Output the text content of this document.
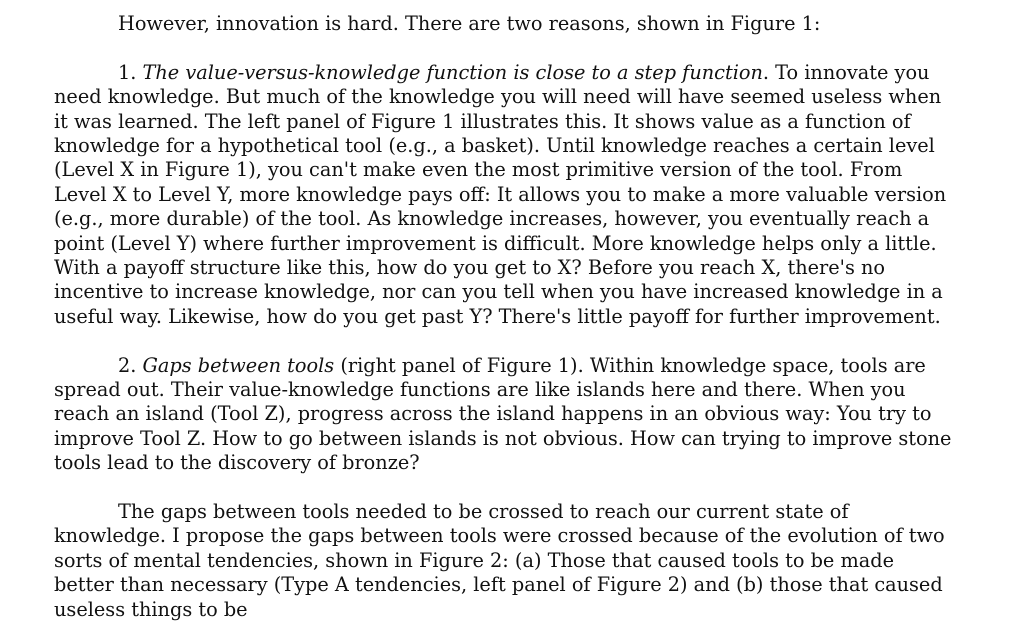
However, innovation is hard. There are two reasons, shown in Figure 1:

1. The value-versus-knowledge function is close to a step function. To innovate you need knowledge. But much of the knowledge you will need will have seemed useless when it was learned. The left panel of Figure 1 illustrates this. It shows value as a function of knowledge for a hypothetical tool (e.g., a basket). Until knowledge reaches a certain level (Level X in Figure 1), you can't make even the most primitive version of the tool. From Level X to Level Y, more knowledge pays off: It allows you to make a more valuable version (e.g., more durable) of the tool. As knowledge increases, however, you eventually reach a point (Level Y) where further improvement is difficult. More knowledge helps only a little. With a payoff structure like this, how do you get to X? Before you reach X, there's no incentive to increase knowledge, nor can you tell when you have increased knowledge in a useful way. Likewise, how do you get past Y? There's little payoff for further improvement.

2. Gaps between tools (right panel of Figure 1). Within knowledge space, tools are spread out. Their value-knowledge functions are like islands here and there. When you reach an island (Tool Z), progress across the island happens in an obvious way: You try to improve Tool Z. How to go between islands is not obvious. How can trying to improve stone tools lead to the discovery of bronze?

The gaps between tools needed to be crossed to reach our current state of knowledge. I propose the gaps between tools were crossed because of the evolution of two sorts of mental tendencies, shown in Figure 2: (a) Those that caused tools to be made better than necessary (Type A tendencies, left panel of Figure 2) and (b) those that caused useless things to be
